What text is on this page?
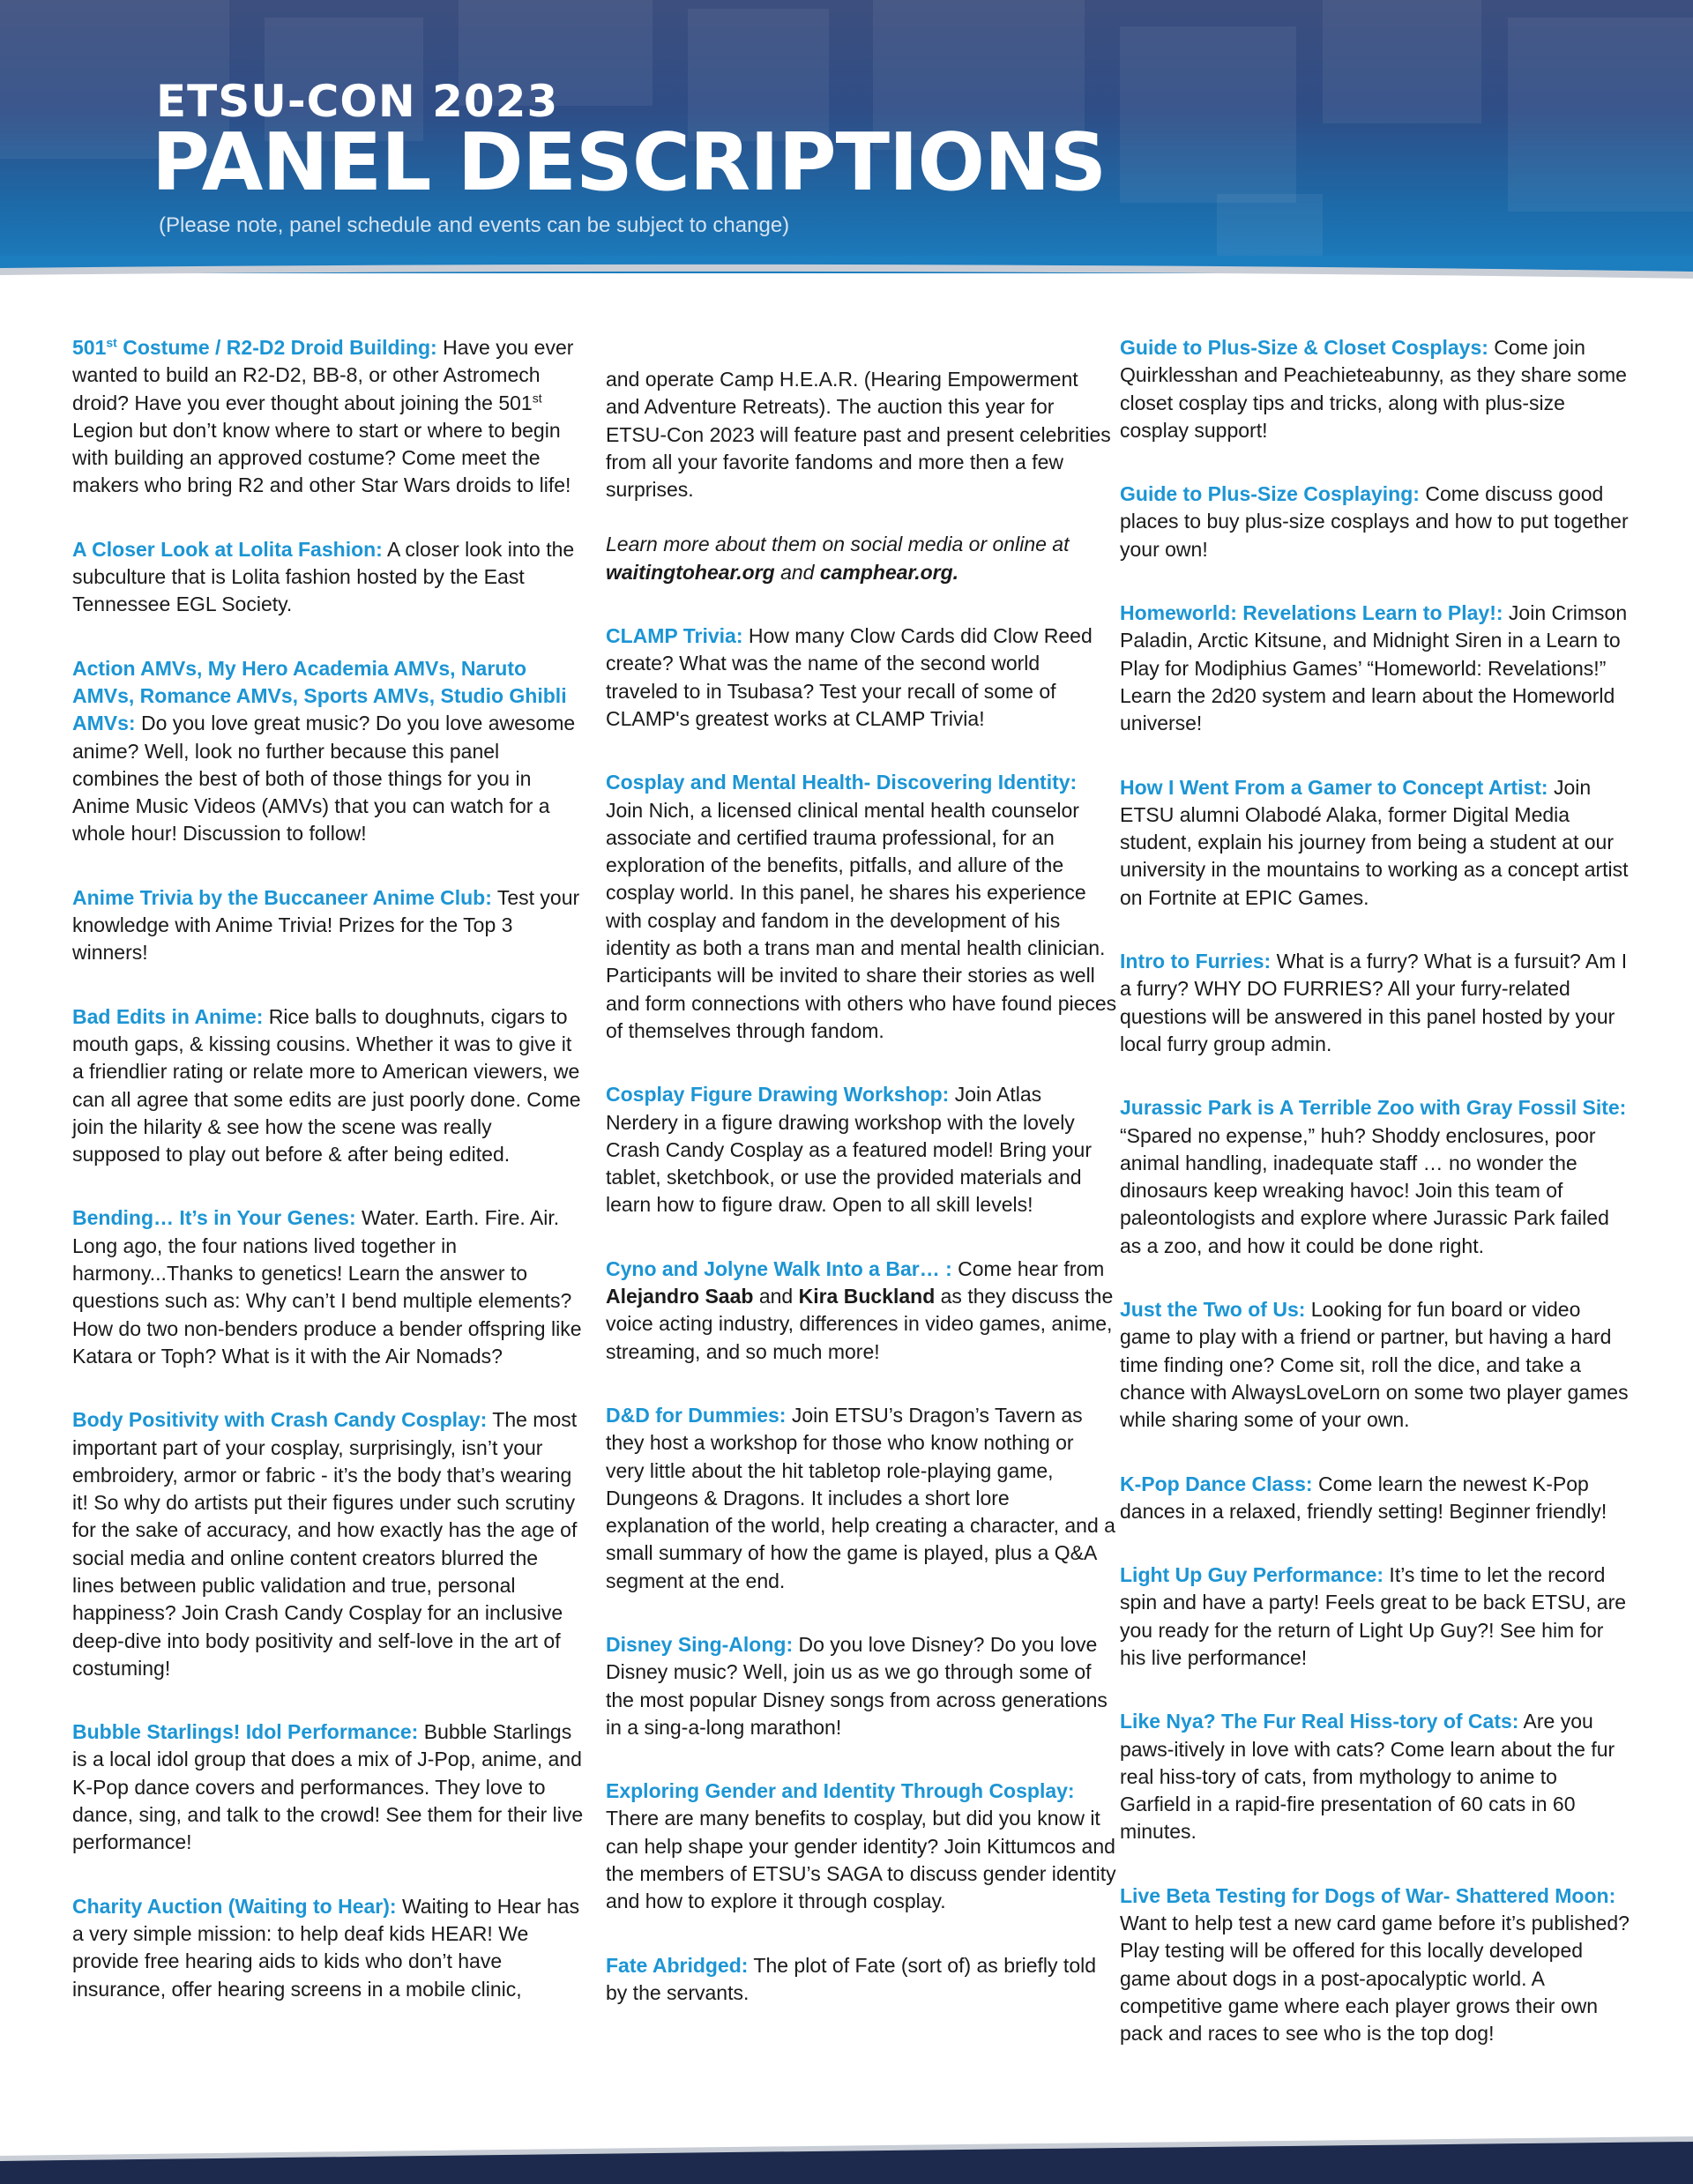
ETSU-CON 2023
PANEL DESCRIPTIONS
(Please note, panel schedule and events can be subject to change)

501st Costume / R2-D2 Droid Building: Have you ever wanted to build an R2-D2, BB-8, or other Astromech droid? Have you ever thought about joining the 501st Legion but don’t know where to start or where to begin with building an approved costume? Come meet the makers who bring R2 and other Star Wars droids to life!

A Closer Look at Lolita Fashion: A closer look into the subculture that is Lolita fashion hosted by the East Tennessee EGL Society.

Action AMVs, My Hero Academia AMVs, Naruto AMVs, Romance AMVs, Sports AMVs, Studio Ghibli AMVs: Do you love great music? Do you love awesome anime? Well, look no further because this panel combines the best of both of those things for you in Anime Music Videos (AMVs) that you can watch for a whole hour! Discussion to follow!

Anime Trivia by the Buccaneer Anime Club: Test your knowledge with Anime Trivia! Prizes for the Top 3 winners!

Bad Edits in Anime: Rice balls to doughnuts, cigars to mouth gaps, & kissing cousins. Whether it was to give it a friendlier rating or relate more to American viewers, we can all agree that some edits are just poorly done. Come join the hilarity & see how the scene was really supposed to play out before & after being edited.

Bending… It’s in Your Genes: Water. Earth. Fire. Air. Long ago, the four nations lived together in harmony...Thanks to genetics! Learn the answer to questions such as: Why can’t I bend multiple elements? How do two non-benders produce a bender offspring like Katara or Toph? What is it with the Air Nomads?

Body Positivity with Crash Candy Cosplay: The most important part of your cosplay, surprisingly, isn’t your embroidery, armor or fabric - it’s the body that’s wearing it! So why do artists put their figures under such scrutiny for the sake of accuracy, and how exactly has the age of social media and online content creators blurred the lines between public validation and true, personal happiness? Join Crash Candy Cosplay for an inclusive deep-dive into body positivity and self-love in the art of costuming!

Bubble Starlings! Idol Performance: Bubble Starlings is a local idol group that does a mix of J-Pop, anime, and K-Pop dance covers and performances. They love to dance, sing, and talk to the crowd! See them for their live performance!

Charity Auction (Waiting to Hear): Waiting to Hear has a very simple mission: to help deaf kids HEAR! We provide free hearing aids to kids who don’t have insurance, offer hearing screens in a mobile clinic,

and operate Camp H.E.A.R. (Hearing Empowerment and Adventure Retreats). The auction this year for ETSU-Con 2023 will feature past and present celebrities from all your favorite fandoms and more then a few surprises.

Learn more about them on social media or online at waitingtohear.org and camphear.org.

CLAMP Trivia: How many Clow Cards did Clow Reed create? What was the name of the second world traveled to in Tsubasa? Test your recall of some of CLAMP's greatest works at CLAMP Trivia!

Cosplay and Mental Health- Discovering Identity: Join Nich, a licensed clinical mental health counselor associate and certified trauma professional, for an exploration of the benefits, pitfalls, and allure of the cosplay world. In this panel, he shares his experience with cosplay and fandom in the development of his identity as both a trans man and mental health clinician. Participants will be invited to share their stories as well and form connections with others who have found pieces of themselves through fandom.

Cosplay Figure Drawing Workshop: Join Atlas Nerdery in a figure drawing workshop with the lovely Crash Candy Cosplay as a featured model! Bring your tablet, sketchbook, or use the provided materials and learn how to figure draw. Open to all skill levels!

Cyno and Jolyne Walk Into a Bar… : Come hear from Alejandro Saab and Kira Buckland as they discuss the voice acting industry, differences in video games, anime, streaming, and so much more!

D&D for Dummies: Join ETSU’s Dragon’s Tavern as they host a workshop for those who know nothing or very little about the hit tabletop role-playing game, Dungeons & Dragons. It includes a short lore explanation of the world, help creating a character, and a small summary of how the game is played, plus a Q&A segment at the end.

Disney Sing-Along: Do you love Disney? Do you love Disney music? Well, join us as we go through some of the most popular Disney songs from across generations in a sing-a-long marathon!

Exploring Gender and Identity Through Cosplay: There are many benefits to cosplay, but did you know it can help shape your gender identity? Join Kittumcos and the members of ETSU’s SAGA to discuss gender identity and how to explore it through cosplay.

Fate Abridged: The plot of Fate (sort of) as briefly told by the servants.

Guide to Plus-Size & Closet Cosplays: Come join Quirklesshan and Peachieteabunny, as they share some closet cosplay tips and tricks, along with plus-size cosplay support!

Guide to Plus-Size Cosplaying: Come discuss good places to buy plus-size cosplays and how to put together your own!

Homeworld: Revelations Learn to Play!: Join Crimson Paladin, Arctic Kitsune, and Midnight Siren in a Learn to Play for Modiphius Games’ “Homeworld: Revelations!” Learn the 2d20 system and learn about the Homeworld universe!

How I Went From a Gamer to Concept Artist: Join ETSU alumni Olabodé Alaka, former Digital Media student, explain his journey from being a student at our university in the mountains to working as a concept artist on Fortnite at EPIC Games.

Intro to Furries: What is a furry? What is a fursuit? Am I a furry? WHY DO FURRIES? All your furry-related questions will be answered in this panel hosted by your local furry group admin.

Jurassic Park is A Terrible Zoo with Gray Fossil Site: “Spared no expense,” huh? Shoddy enclosures, poor animal handling, inadequate staff … no wonder the dinosaurs keep wreaking havoc! Join this team of paleontologists and explore where Jurassic Park failed as a zoo, and how it could be done right.

Just the Two of Us: Looking for fun board or video game to play with a friend or partner, but having a hard time finding one? Come sit, roll the dice, and take a chance with AlwaysLoveLorn on some two player games while sharing some of your own.

K-Pop Dance Class: Come learn the newest K-Pop dances in a relaxed, friendly setting! Beginner friendly!

Light Up Guy Performance: It’s time to let the record spin and have a party! Feels great to be back ETSU, are you ready for the return of Light Up Guy?! See him for his live performance!

Like Nya? The Fur Real Hiss-tory of Cats: Are you paws-itively in love with cats? Come learn about the fur real hiss-tory of cats, from mythology to anime to Garfield in a rapid-fire presentation of 60 cats in 60 minutes.

Live Beta Testing for Dogs of War- Shattered Moon: Want to help test a new card game before it’s published? Play testing will be offered for this locally developed game about dogs in a post-apocalyptic world. A competitive game where each player grows their own pack and races to see who is the top dog!
